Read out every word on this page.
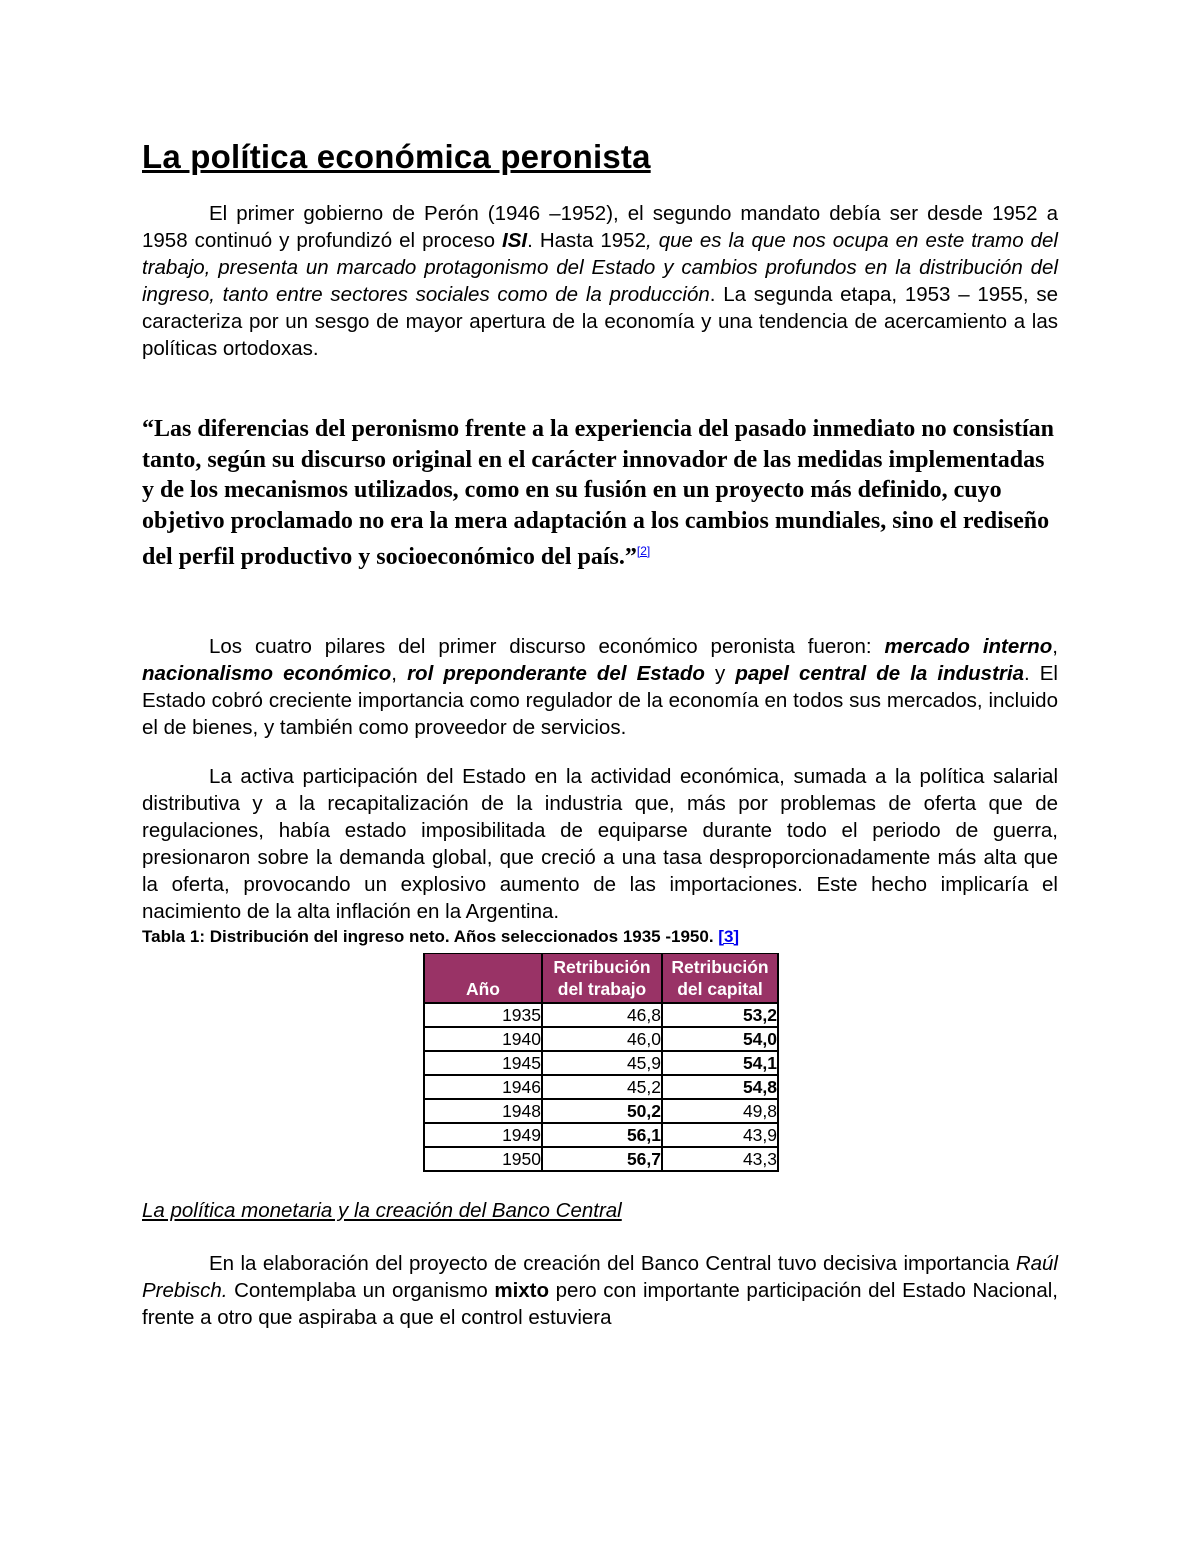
La política económica peronista

El primer gobierno de Perón (1946 –1952), el segundo mandato debía ser desde 1952 a 1958 continuó y profundizó el proceso ISI. Hasta 1952, que es la que nos ocupa en este tramo del trabajo, presenta un marcado protagonismo del Estado y cambios profundos en la distribución del ingreso, tanto entre sectores sociales como de la producción. La segunda etapa, 1953 – 1955, se caracteriza por un sesgo de mayor apertura de la economía y una tendencia de acercamiento a las políticas ortodoxas.

“Las diferencias del peronismo frente a la experiencia del pasado inmediato no consistían tanto, según su discurso original en el carácter innovador de las medidas implementadas y de los mecanismos utilizados, como en su fusión en un proyecto más definido, cuyo objetivo proclamado no era la mera adaptación a los cambios mundiales, sino el rediseño del perfil productivo y socioeconómico del país.”[2]

Los cuatro pilares del primer discurso económico peronista fueron: mercado interno, nacionalismo económico, rol preponderante del Estado y papel central de la industria. El Estado cobró creciente importancia como regulador de la economía en todos sus mercados, incluido el de bienes, y también como proveedor de servicios.

La activa participación del Estado en la actividad económica, sumada a la política salarial distributiva y a la recapitalización de la industria que, más por problemas de oferta que de regulaciones, había estado imposibilitada de equiparse durante todo el periodo de guerra, presionaron sobre la demanda global, que creció a una tasa desproporcionadamente más alta que la oferta, provocando un explosivo aumento de las importaciones. Este hecho implicaría el nacimiento de la alta inflación en la Argentina.

Tabla 1: Distribución del ingreso neto. Años seleccionados 1935 -1950. [3]
Año	Retribución del trabajo	Retribución del capital
1935	46,8	53,2
1940	46,0	54,0
1945	45,9	54,1
1946	45,2	54,8
1948	50,2	49,8
1949	56,1	43,9
1950	56,7	43,3
La política monetaria y la creación del Banco Central

En la elaboración del proyecto de creación del Banco Central tuvo decisiva importancia Raúl Prebisch. Contemplaba un organismo mixto pero con importante participación del Estado Nacional, frente a otro que aspiraba a que el control estuviera
